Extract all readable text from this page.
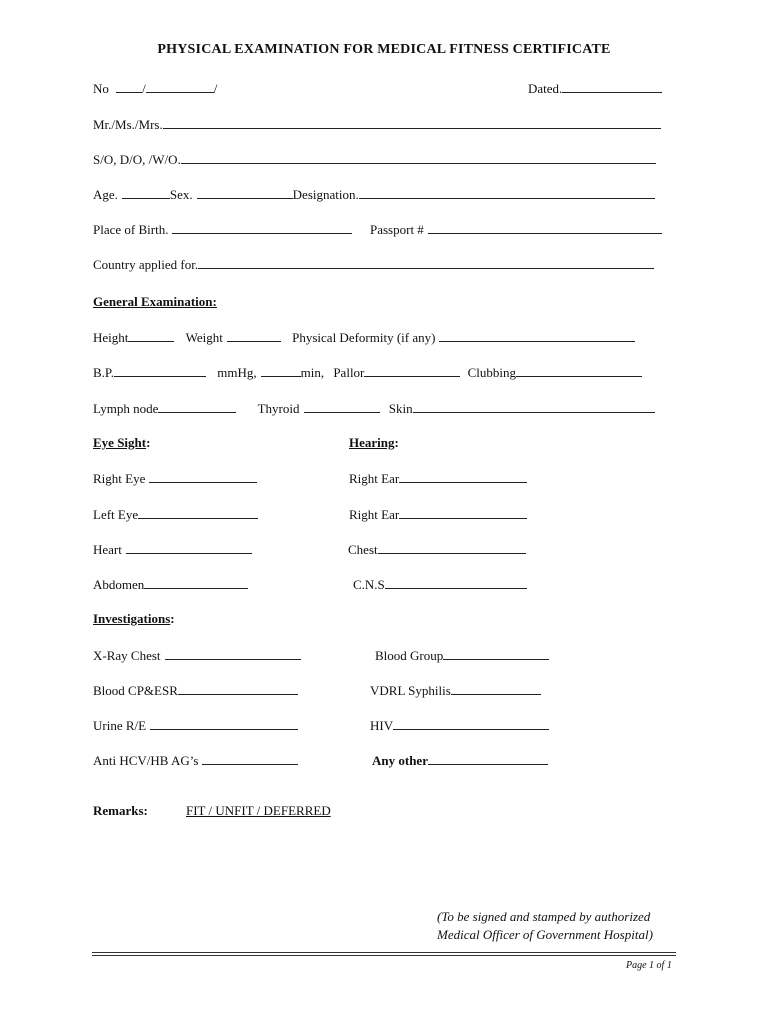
PHYSICAL EXAMINATION FOR MEDICAL FITNESS CERTIFICATE
No	/	/	Dated.
Mr./Ms./Mrs.
S/O, D/O, /W/O.
Age.	Sex.	Designation.
Place of Birth.	Passport #
Country applied for.
General Examination:
Height	Weight	Physical Deformity (if any)
B.P.	mmHg,	min, Pallor	Clubbing
Lymph node	Thyroid	Skin
Eye Sight:	Hearing:
Right Eye	Right Ear
Left Eye	Right Ear
Heart	Chest
Abdomen	C.N.S
Investigations:
X-Ray Chest	Blood Group
Blood CP&ESR	VDRL Syphilis
Urine R/E	HIV
Anti HCV/HB AG’s	Any other
Remarks:	FIT / UNFIT / DEFERRED
(To be signed and stamped by authorized
Medical Officer of Government Hospital)
Page 1 of 1
